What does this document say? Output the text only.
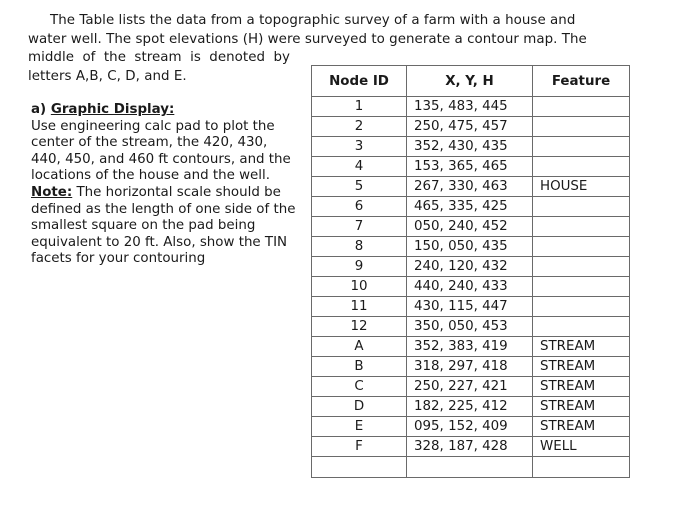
The Table lists the data from a topographic survey of a farm with a house and
water well. The spot elevations (H) were surveyed to generate a contour map. The
middle of the stream is denoted by
letters A,B, C, D, and E.
a) Graphic Display:
Use engineering calc pad to plot the
center of the stream, the 420, 430,
440, 450, and 460 ft contours, and the
locations of the house and the well.
Note: The horizontal scale should be
defined as the length of one side of the
smallest square on the pad being
equivalent to 20 ft. Also, show the TIN
facets for your contouring
Node ID	X, Y, H	Feature
1	135, 483, 445	
2	250, 475, 457	
3	352, 430, 435	
4	153, 365, 465	
5	267, 330, 463	HOUSE
6	465, 335, 425	
7	050, 240, 452	
8	150, 050, 435	
9	240, 120, 432	
10	440, 240, 433	
11	430, 115, 447	
12	350, 050, 453	
A	352, 383, 419	STREAM
B	318, 297, 418	STREAM
C	250, 227, 421	STREAM
D	182, 225, 412	STREAM
E	095, 152, 409	STREAM
F	328, 187, 428	WELL
